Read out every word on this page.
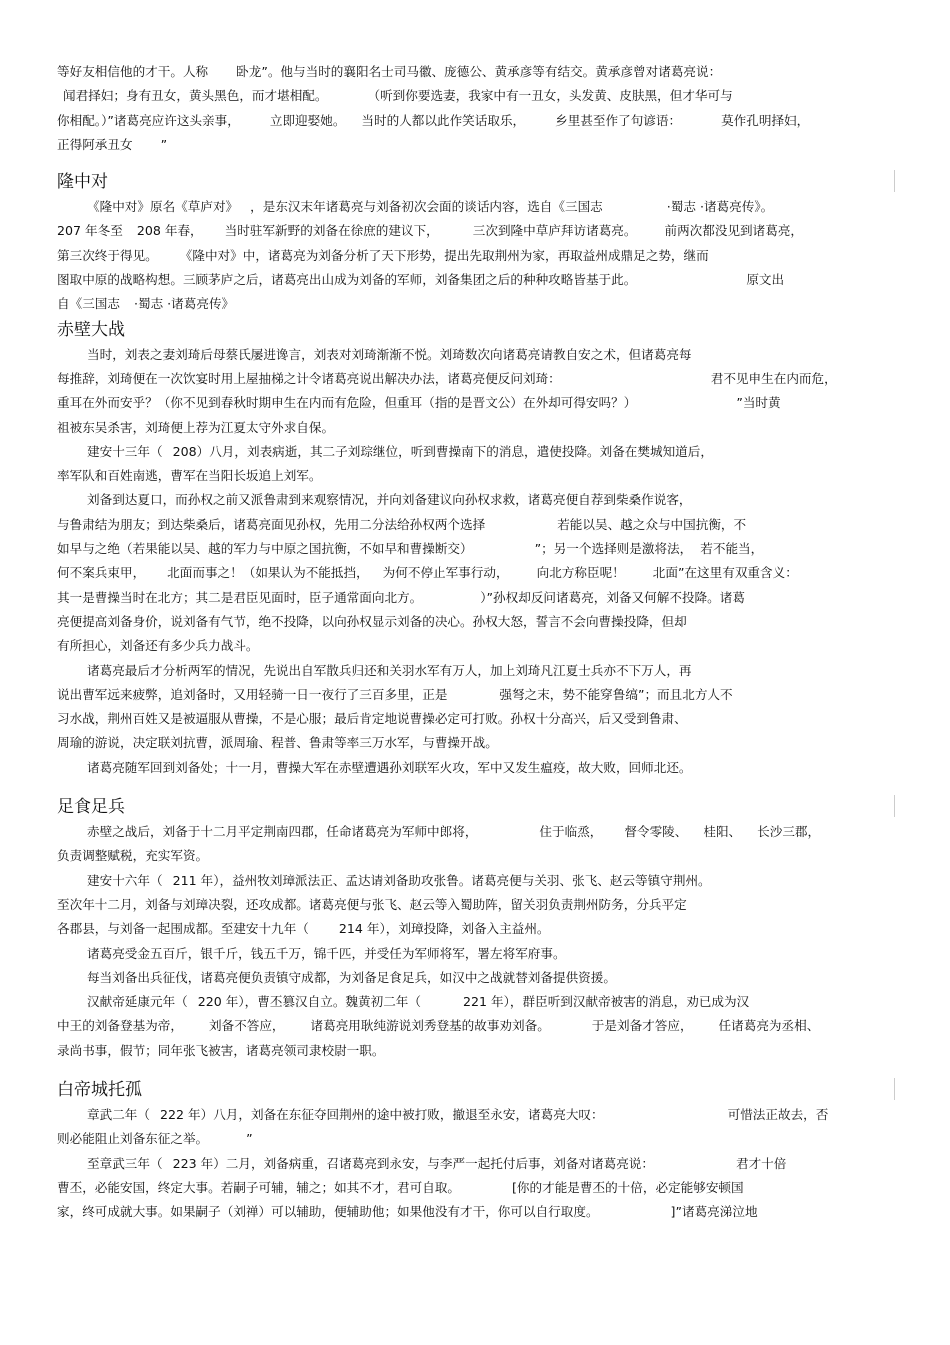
等好友相信他的才干。人称 卧龙”。他与当时的襄阳名士司马徽、庞德公、黄承彦等有结交。黄承彦曾对诸葛亮说：

闻君择妇；身有丑女，黄头黑色，而才堪相配。	（听到你要选妻，我家中有一丑女，头发黄、皮肤黑，但才华可与

你相配。）”诸葛亮应许这头亲事， 立即迎娶她。 当时的人都以此作笑话取乐， 乡里甚至作了句谚语：	莫作孔明择妇，

正得阿承丑女 ”

隆中对

《隆中对》原名《草庐对》 ，是东汉末年诸葛亮与刘备初次会面的谈话内容，选自《三国志	·蜀志 ·诸葛亮传》。

207 年冬至 208 年春， 当时驻军新野的刘备在徐庶的建议下，	三次到隆中草庐拜访诸葛亮。 前两次都没见到诸葛亮，

第三次终于得见。 《隆中对》中，诸葛亮为刘备分析了天下形势，提出先取荆州为家，再取益州成鼎足之势，继而

图取中原的战略构想。三顾茅庐之后，诸葛亮出山成为刘备的军师，刘备集团之后的种种攻略皆基于此。	原文出

自《三国志 ·蜀志 ·诸葛亮传》

赤壁大战

当时，刘表之妻刘琦后母蔡氏屡进谗言，刘表对刘琦渐渐不悦。刘琦数次向诸葛亮请教自安之术，但诸葛亮每

每推辞，刘琦便在一次饮宴时用上屋抽梯之计令诸葛亮说出解决办法，诸葛亮便反问刘琦：	君不见申生在内而危，

重耳在外而安乎？（你不见到春秋时期申生在内而有危险，但重耳（指的是晋文公）在外却可得安吗？）	”当时黄

祖被东吴杀害，刘琦便上荐为江夏太守外求自保。

建安十三年（ 208）八月，刘表病逝，其二子刘琮继位，听到曹操南下的消息，遣使投降。刘备在樊城知道后，

率军队和百姓南逃，曹军在当阳长坂追上刘军。

刘备到达夏口，而孙权之前又派鲁肃到来观察情况，并向刘备建议向孙权求救，诸葛亮便自荐到柴桑作说客，

与鲁肃结为朋友；到达柴桑后，诸葛亮面见孙权，先用二分法给孙权两个选择	若能以吴、越之众与中国抗衡，不

如早与之绝（若果能以吴、越的军力与中原之国抗衡，不如早和曹操断交）	”；另一个选择则是激将法， 若不能当，

何不案兵束甲， 北面而事之！（如果认为不能抵挡， 为何不停止军事行动， 向北方称臣呢！ 北面”在这里有双重含义：

其一是曹操当时在北方；其二是君臣见面时，臣子通常面向北方。	）”孙权却反问诸葛亮，刘备又何解不投降。诸葛

亮便提高刘备身价，说刘备有气节，绝不投降，以向孙权显示刘备的决心。孙权大怒，誓言不会向曹操投降，但却

有所担心，刘备还有多少兵力战斗。

诸葛亮最后才分析两军的情况，先说出自军散兵归还和关羽水军有万人，加上刘琦凡江夏士兵亦不下万人，再

说出曹军远来疲弊，追刘备时，又用轻骑一日一夜行了三百多里，正是	强弩之末，势不能穿鲁缟”；而且北方人不

习水战，荆州百姓又是被逼服从曹操，不是心服；最后肯定地说曹操必定可打败。孙权十分高兴，后又受到鲁肃、

周瑜的游说，决定联刘抗曹，派周瑜、程普、鲁肃等率三万水军，与曹操开战。

诸葛亮随军回到刘备处；十一月，曹操大军在赤壁遭遇孙刘联军火攻，军中又发生瘟疫，故大败，回师北还。

足食足兵

赤壁之战后，刘备于十二月平定荆南四郡，任命诸葛亮为军师中郎将，	住于临烝， 督令零陵、 桂阳、 长沙三郡，

负责调整赋税，充实军资。

建安十六年（ 211 年），益州牧刘璋派法正、孟达请刘备助攻张鲁。诸葛亮便与关羽、张飞、赵云等镇守荆州。

至次年十二月，刘备与刘璋决裂，还攻成都。诸葛亮便与张飞、赵云等入蜀助阵，留关羽负责荆州防务，分兵平定

各郡县，与刘备一起围成都。至建安十九年（ 214 年），刘璋投降，刘备入主益州。

诸葛亮受金五百斤，银千斤，钱五千万，锦千匹，并受任为军师将军，署左将军府事。

每当刘备出兵征伐，诸葛亮便负责镇守成都，为刘备足食足兵，如汉中之战就替刘备提供资援。

汉献帝延康元年（ 220 年），曹丕篡汉自立。魏黄初二年（	221 年），群臣听到汉献帝被害的消息，劝已成为汉

中王的刘备登基为帝， 刘备不答应， 诸葛亮用耿纯游说刘秀登基的故事劝刘备。	于是刘备才答应， 任诸葛亮为丞相、

录尚书事，假节；同年张飞被害，诸葛亮领司隶校尉一职。

白帝城托孤

章武二年（ 222 年）八月，刘备在东征夺回荆州的途中被打败，撤退至永安，诸葛亮大叹：	可惜法正故去，否

则必能阻止刘备东征之举。	”

至章武三年（ 223 年）二月，刘备病重，召诸葛亮到永安，与李严一起托付后事，刘备对诸葛亮说：	君才十倍

曹丕，必能安国，终定大事。若嗣子可辅，辅之；如其不才，君可自取。	[你的才能是曹丕的十倍，必定能够安顿国

家，终可成就大事。如果嗣子（刘禅）可以辅助，便辅助他；如果他没有才干，你可以自行取度。	]”诸葛亮涕泣地
